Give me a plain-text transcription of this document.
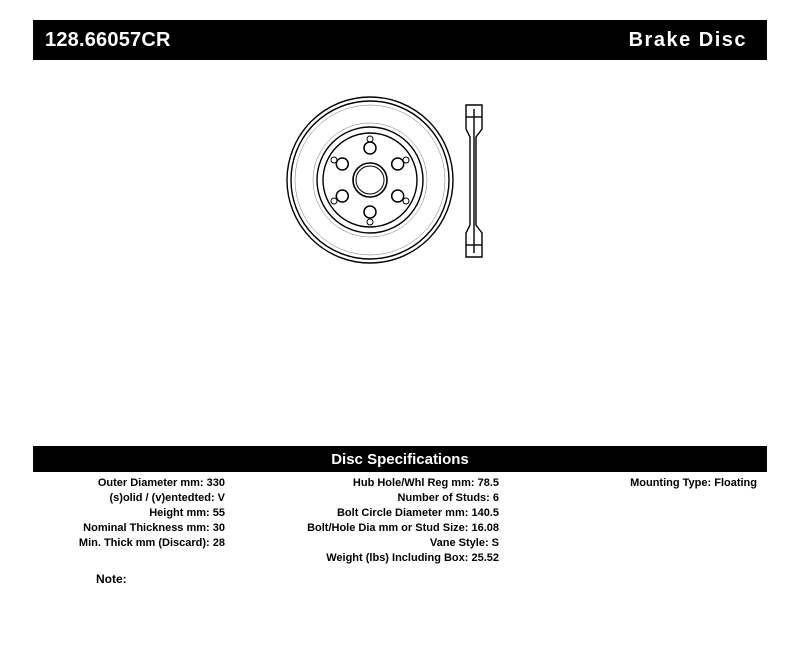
128.66057CR	Brake Disc
Disc Specifications
Outer Diameter mm: 330
(s)olid / (v)entedted: V
Height mm: 55
Nominal Thickness mm: 30
Min. Thick mm (Discard): 28
Hub Hole/Whl Reg mm: 78.5
Number of Studs: 6
Bolt Circle Diameter mm: 140.5
Bolt/Hole Dia mm or Stud Size: 16.08
Vane Style: S
Weight (lbs) Including Box: 25.52
Mounting Type: Floating
Note:
